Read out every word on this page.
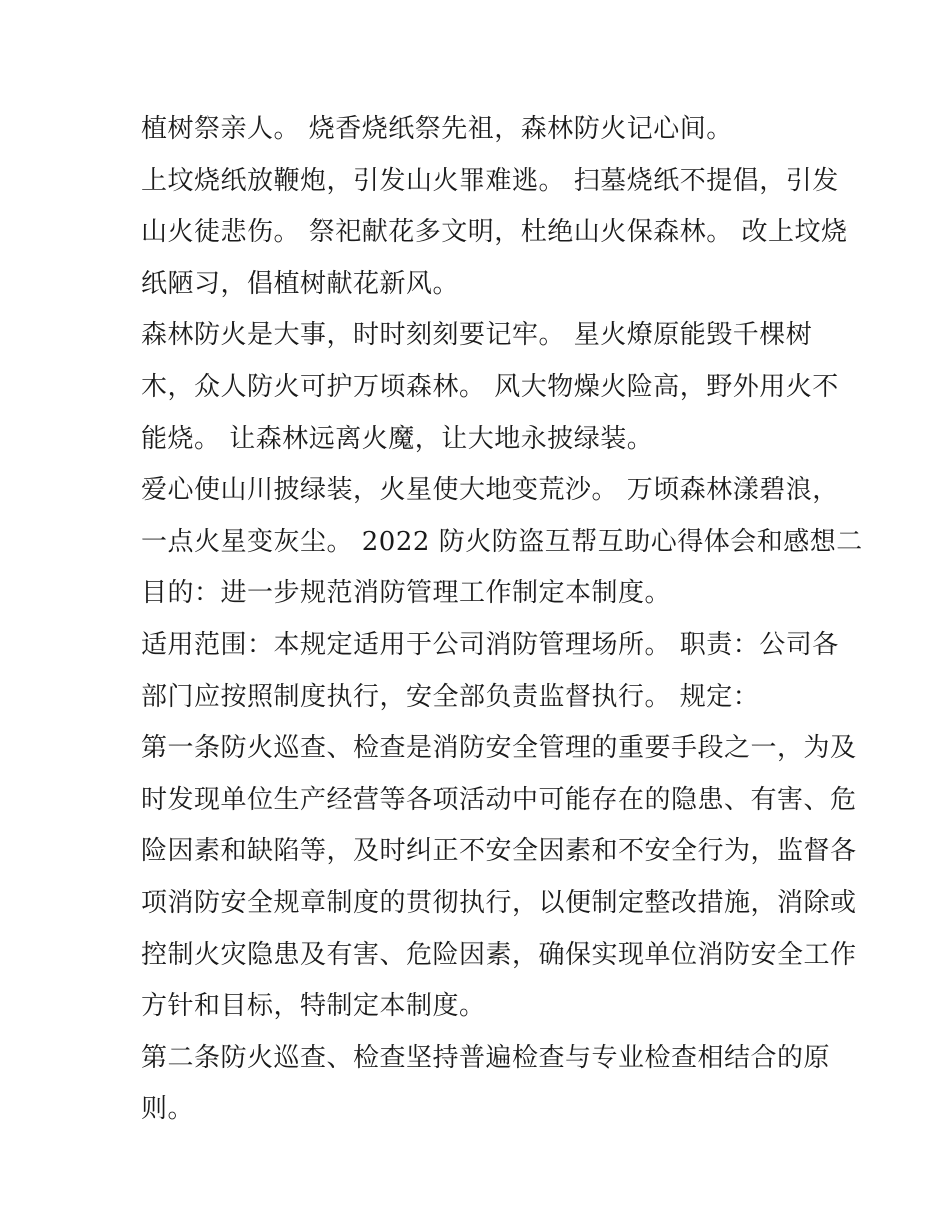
植树祭亲人。 烧香烧纸祭先祖，森林防火记心间。
上坟烧纸放鞭炮，引发山火罪难逃。 扫墓烧纸不提倡，引发
山火徒悲伤。 祭祀献花多文明，杜绝山火保森林。 改上坟烧
纸陋习，倡植树献花新风。
森林防火是大事，时时刻刻要记牢。 星火燎原能毁千棵树
木，众人防火可护万顷森林。 风大物燥火险高，野外用火不
能烧。 让森林远离火魔，让大地永披绿装。
爱心使山川披绿装，火星使大地变荒沙。 万顷森林漾碧浪，
一点火星变灰尘。 2022 防火防盗互帮互助心得体会和感想二
目的：进一步规范消防管理工作制定本制度。
适用范围：本规定适用于公司消防管理场所。 职责：公司各
部门应按照制度执行，安全部负责监督执行。 规定：
第一条防火巡查、检查是消防安全管理的重要手段之一，为及
时发现单位生产经营等各项活动中可能存在的隐患、有害、危
险因素和缺陷等，及时纠正不安全因素和不安全行为，监督各
项消防安全规章制度的贯彻执行，以便制定整改措施，消除或
控制火灾隐患及有害、危险因素，确保实现单位消防安全工作
方针和目标，特制定本制度。
第二条防火巡查、检查坚持普遍检查与专业检查相结合的原
则。
